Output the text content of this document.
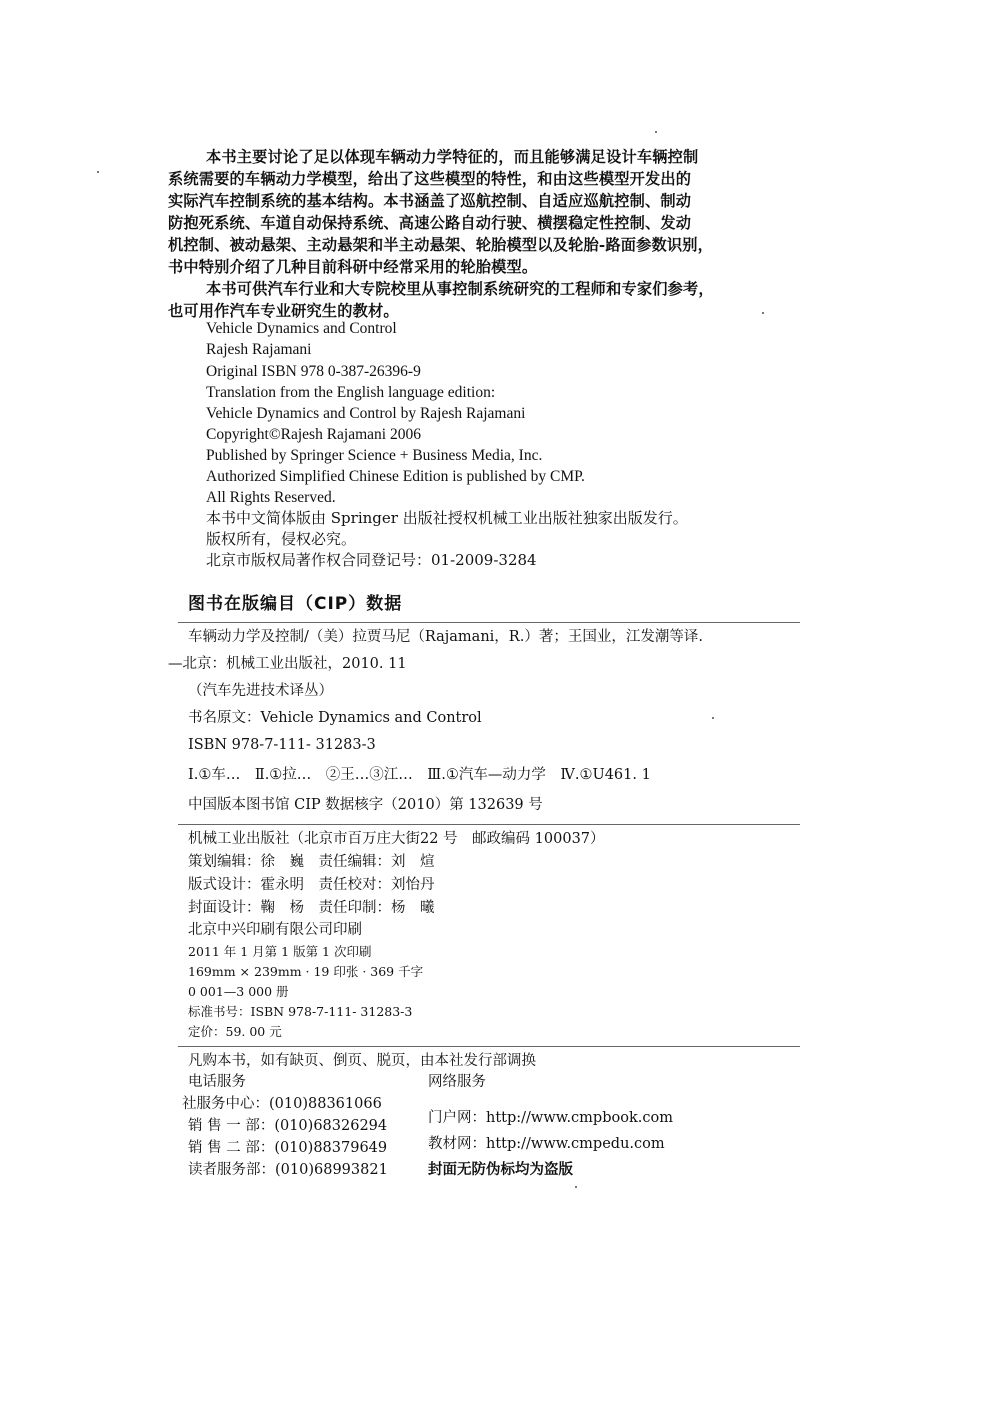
本书主要讨论了足以体现车辆动力学特征的，而且能够满足设计车辆控制
系统需要的车辆动力学模型，给出了这些模型的特性，和由这些模型开发出的
实际汽车控制系统的基本结构。本书涵盖了巡航控制、自适应巡航控制、制动
防抱死系统、车道自动保持系统、高速公路自动行驶、横摆稳定性控制、发动
机控制、被动悬架、主动悬架和半主动悬架、轮胎模型以及轮胎-路面参数识别，
书中特别介绍了几种目前科研中经常采用的轮胎模型。
本书可供汽车行业和大专院校里从事控制系统研究的工程师和专家们参考，
也可用作汽车专业研究生的教材。
Vehicle Dynamics and Control
Rajesh Rajamani
Original ISBN 978 0-387-26396-9
Translation from the English language edition:
Vehicle Dynamics and Control by Rajesh Rajamani
Copyright©Rajesh Rajamani 2006
Published by Springer Science + Business Media, Inc.
Authorized Simplified Chinese Edition is published by CMP.
All Rights Reserved.
本书中文简体版由 Springer 出版社授权机械工业出版社独家出版发行。
版权所有，侵权必究。
北京市版权局著作权合同登记号：01-2009-3284
图书在版编目（CIP）数据
车辆动力学及控制/（美）拉贾马尼（Rajamani，R.）著；王国业，江发潮等译.
—北京：机械工业出版社，2010. 11
（汽车先进技术译丛）
书名原文：Vehicle Dynamics and Control
ISBN 978-7-111- 31283-3
Ⅰ.①车…　Ⅱ.①拉…　②王…③江…　Ⅲ.①汽车—动力学　Ⅳ.①U461. 1
中国版本图书馆 CIP 数据核字（2010）第 132639 号
机械工业出版社（北京市百万庄大街22 号　邮政编码 100037）
策划编辑：徐　巍　责任编辑：刘　煊
版式设计：霍永明　责任校对：刘怡丹
封面设计：鞠　杨　责任印制：杨　曦
北京中兴印刷有限公司印刷
2011 年 1 月第 1 版第 1 次印刷
169mm × 239mm · 19 印张 · 369 千字
0 001—3 000 册
标准书号：ISBN 978-7-111- 31283-3
定价：59. 00 元
凡购本书，如有缺页、倒页、脱页，由本社发行部调换
电话服务	网络服务
社服务中心：(010)88361066
销 售 一 部：(010)68326294
销 售 二 部：(010)88379649
读者服务部：(010)68993821
门户网：http://www.cmpbook.com
教材网：http://www.cmpedu.com
封面无防伪标均为盗版
